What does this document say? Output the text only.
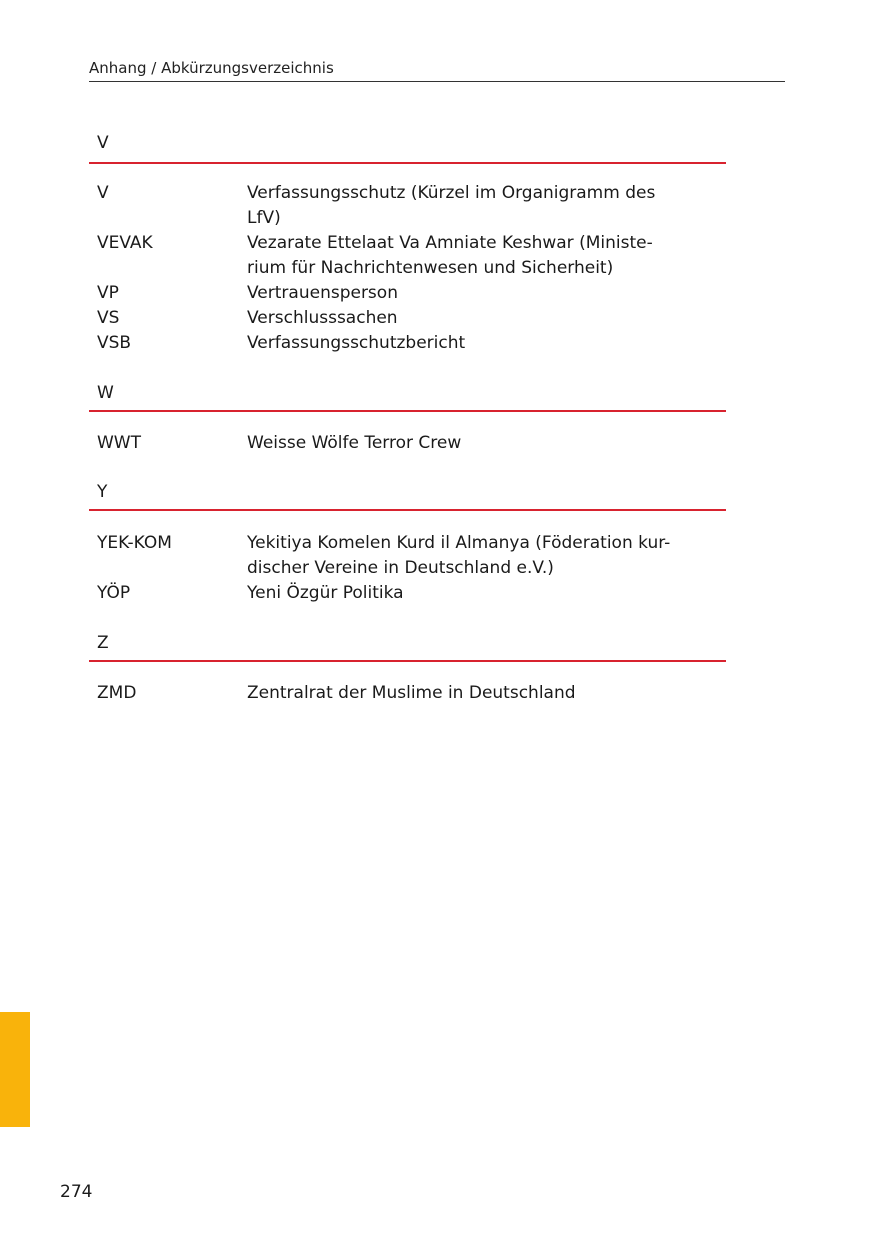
Anhang / Abkürzungsverzeichnis
V
V	Verfassungsschutz (Kürzel im Organigramm des
LfV)
VEVAK	Vezarate Ettelaat Va Amniate Keshwar (Ministe-
rium für Nachrichtenwesen und Sicherheit)
VP	Vertrauensperson
VS	Verschlusssachen
VSB	Verfassungsschutzbericht
W
WWT	Weisse Wölfe Terror Crew
Y
YEK-KOM	Yekitiya Komelen Kurd il Almanya (Föderation kur-
discher Vereine in Deutschland e.V.)
YÖP	Yeni Özgür Politika
Z
ZMD	Zentralrat der Muslime in Deutschland
274
